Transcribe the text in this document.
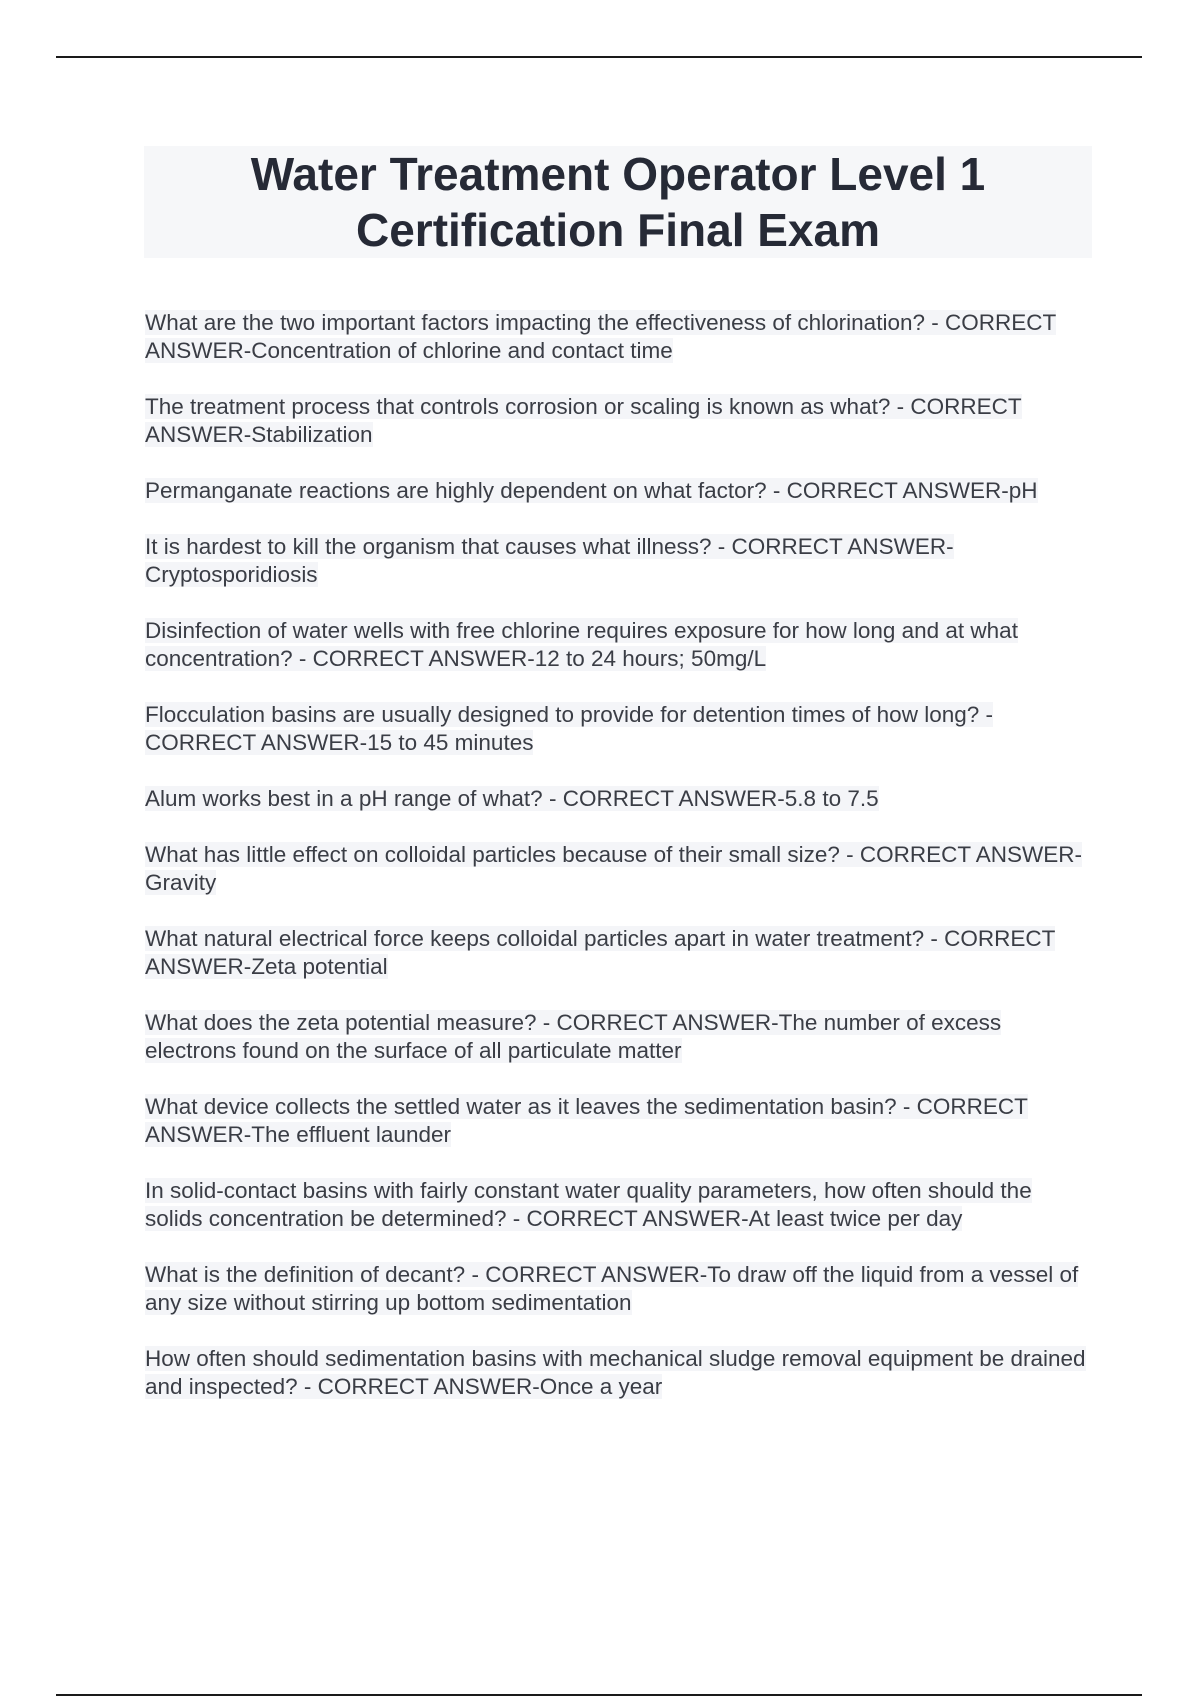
Water Treatment Operator Level 1
Certification Final Exam

What are the two important factors impacting the effectiveness of chlorination? - CORRECT ANSWER-Concentration of chlorine and contact time

The treatment process that controls corrosion or scaling is known as what? - CORRECT ANSWER-Stabilization

Permanganate reactions are highly dependent on what factor? - CORRECT ANSWER-pH

It is hardest to kill the organism that causes what illness? - CORRECT ANSWER-Cryptosporidiosis

Disinfection of water wells with free chlorine requires exposure for how long and at what concentration? - CORRECT ANSWER-12 to 24 hours; 50mg/L

Flocculation basins are usually designed to provide for detention times of how long? - CORRECT ANSWER-15 to 45 minutes

Alum works best in a pH range of what? - CORRECT ANSWER-5.8 to 7.5

What has little effect on colloidal particles because of their small size? - CORRECT ANSWER-Gravity

What natural electrical force keeps colloidal particles apart in water treatment? - CORRECT ANSWER-Zeta potential

What does the zeta potential measure? - CORRECT ANSWER-The number of excess electrons found on the surface of all particulate matter

What device collects the settled water as it leaves the sedimentation basin? - CORRECT ANSWER-The effluent launder

In solid-contact basins with fairly constant water quality parameters, how often should the solids concentration be determined? - CORRECT ANSWER-At least twice per day

What is the definition of decant? - CORRECT ANSWER-To draw off the liquid from a vessel of any size without stirring up bottom sedimentation

How often should sedimentation basins with mechanical sludge removal equipment be drained and inspected? - CORRECT ANSWER-Once a year
